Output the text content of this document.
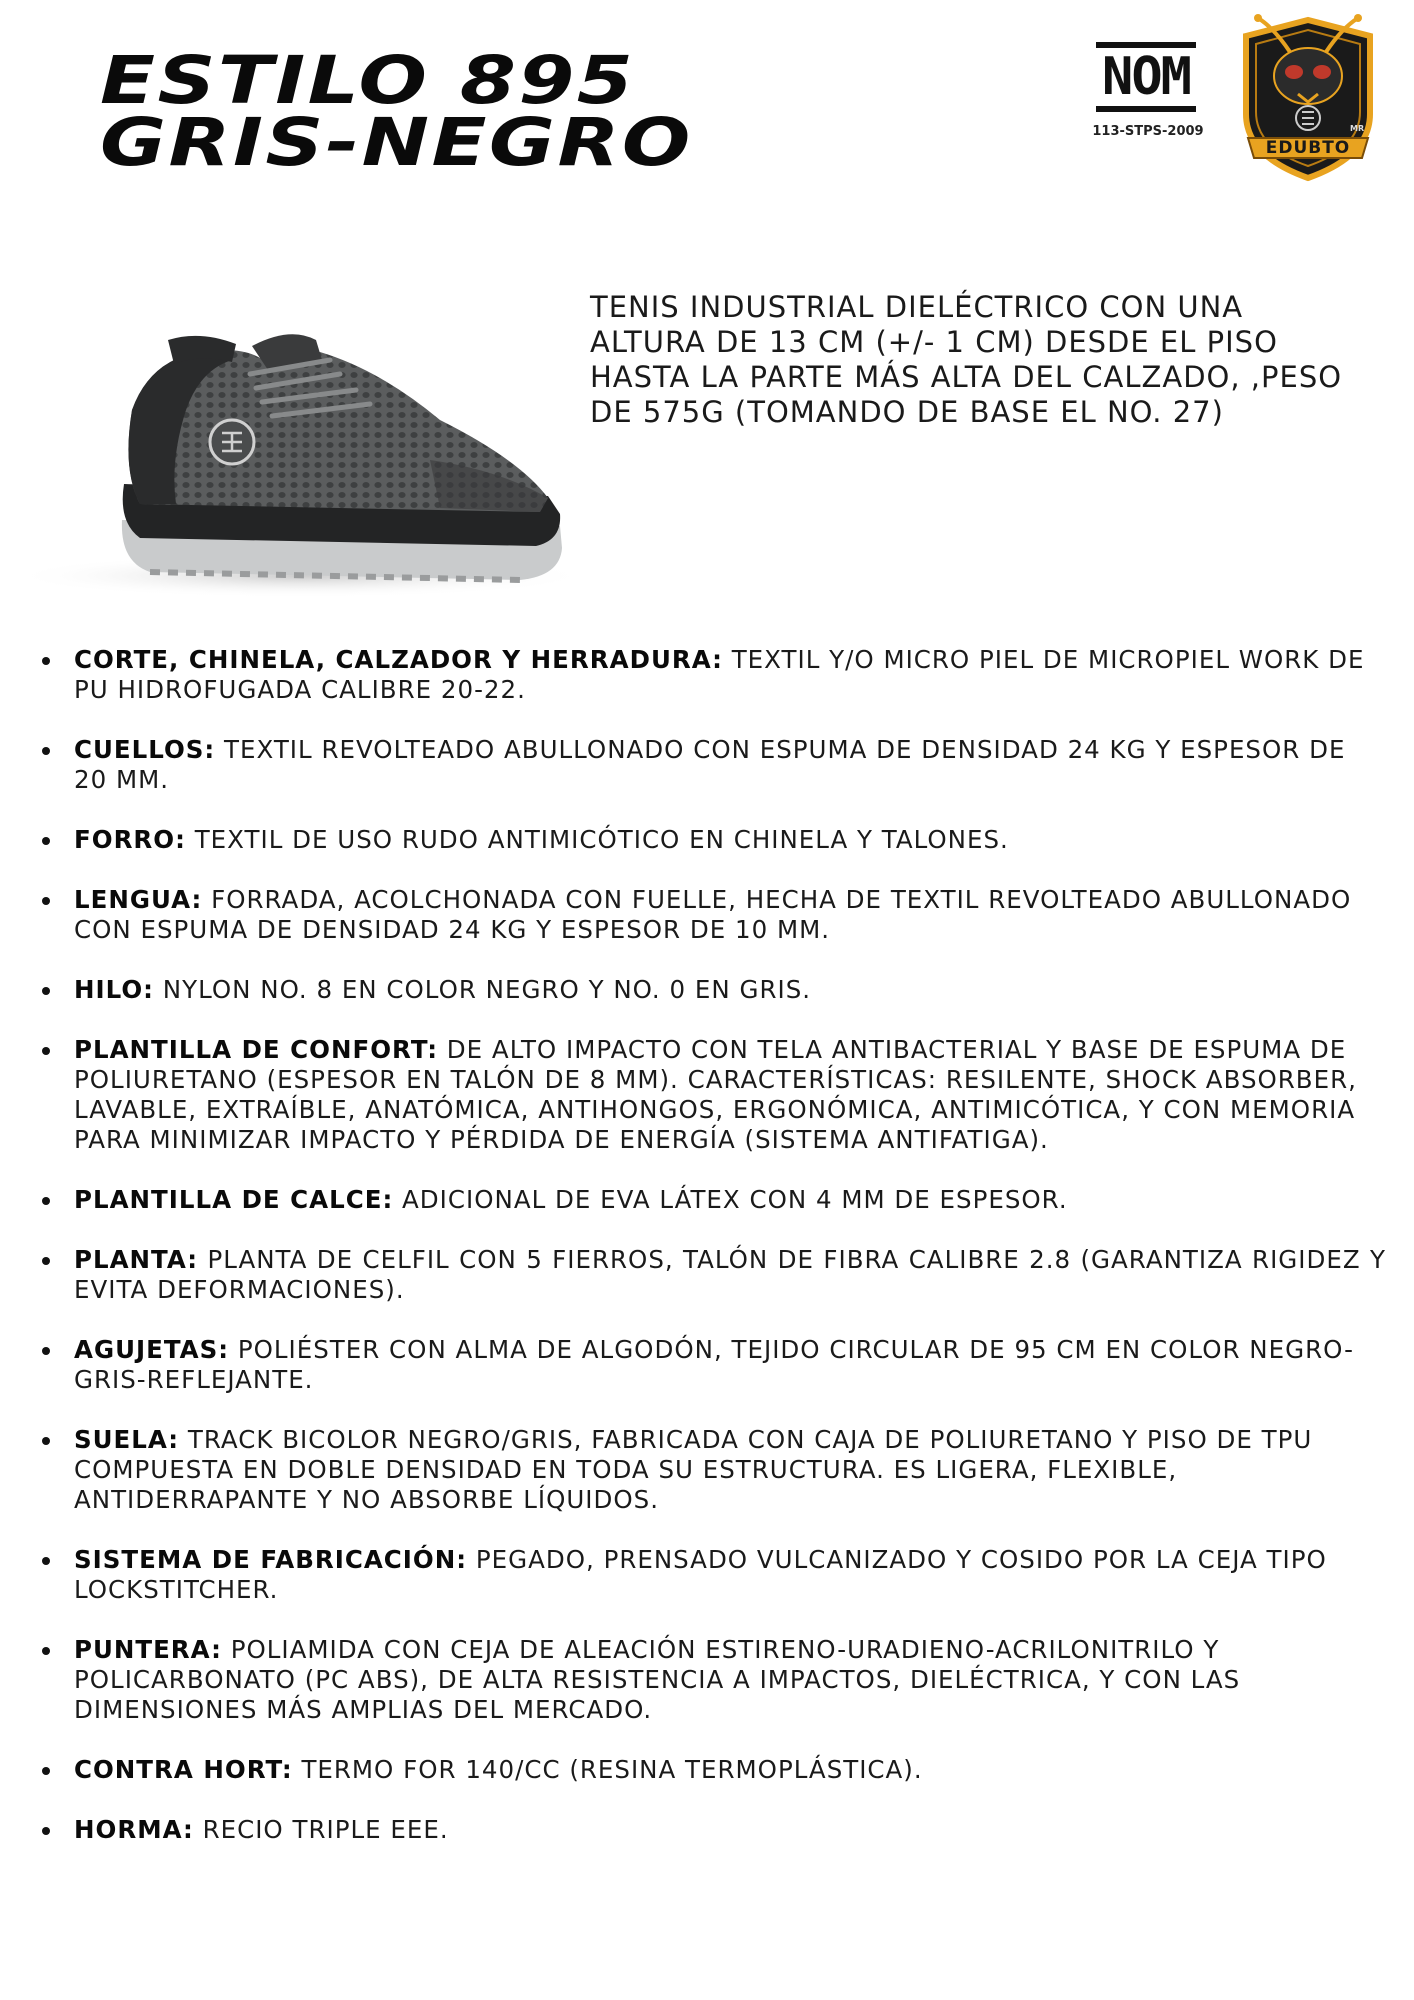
ESTILO 895
GRIS-NEGRO
NOM
113-STPS-2009
EDUBTO
MR

TENIS INDUSTRIAL DIELÉCTRICO CON UNA ALTURA DE 13 CM (+/- 1 CM) DESDE EL PISO HASTA LA PARTE MÁS ALTA DEL CALZADO, ,PESO DE 575G (TOMANDO DE BASE EL NO. 27)

CORTE, CHINELA, CALZADOR Y HERRADURA: TEXTIL Y/O MICRO PIEL DE MICROPIEL WORK DE PU HIDROFUGADA CALIBRE 20-22.
CUELLOS: TEXTIL REVOLTEADO ABULLONADO CON ESPUMA DE DENSIDAD 24 KG Y ESPESOR DE 20 MM.
FORRO: TEXTIL DE USO RUDO ANTIMICÓTICO EN CHINELA Y TALONES.
LENGUA: FORRADA, ACOLCHONADA CON FUELLE, HECHA DE TEXTIL REVOLTEADO ABULLONADO CON ESPUMA DE DENSIDAD 24 KG Y ESPESOR DE 10 MM.
HILO: NYLON NO. 8 EN COLOR NEGRO Y NO. 0 EN GRIS.
PLANTILLA DE CONFORT: DE ALTO IMPACTO CON TELA ANTIBACTERIAL Y BASE DE ESPUMA DE POLIURETANO (ESPESOR EN TALÓN DE 8 MM). CARACTERÍSTICAS: RESILENTE, SHOCK ABSORBER, LAVABLE, EXTRAÍBLE, ANATÓMICA, ANTIHONGOS, ERGONÓMICA, ANTIMICÓTICA, Y CON MEMORIA PARA MINIMIZAR IMPACTO Y PÉRDIDA DE ENERGÍA (SISTEMA ANTIFATIGA).
PLANTILLA DE CALCE: ADICIONAL DE EVA LÁTEX CON 4 MM DE ESPESOR.
PLANTA: PLANTA DE CELFIL CON 5 FIERROS, TALÓN DE FIBRA CALIBRE 2.8 (GARANTIZA RIGIDEZ Y EVITA DEFORMACIONES).
AGUJETAS: POLIÉSTER CON ALMA DE ALGODÓN, TEJIDO CIRCULAR DE 95 CM EN COLOR NEGRO-GRIS-REFLEJANTE.
SUELA: TRACK BICOLOR NEGRO/GRIS, FABRICADA CON CAJA DE POLIURETANO Y PISO DE TPU COMPUESTA EN DOBLE DENSIDAD EN TODA SU ESTRUCTURA. ES LIGERA, FLEXIBLE, ANTIDERRAPANTE Y NO ABSORBE LÍQUIDOS.
SISTEMA DE FABRICACIÓN: PEGADO, PRENSADO VULCANIZADO Y COSIDO POR LA CEJA TIPO LOCKSTITCHER.
PUNTERA: POLIAMIDA CON CEJA DE ALEACIÓN ESTIRENO-URADIENO-ACRILONITRILO Y POLICARBONATO (PC ABS), DE ALTA RESISTENCIA A IMPACTOS, DIELÉCTRICA, Y CON LAS DIMENSIONES MÁS AMPLIAS DEL MERCADO.
CONTRA HORT: TERMO FOR 140/CC (RESINA TERMOPLÁSTICA).
HORMA: RECIO TRIPLE EEE.
